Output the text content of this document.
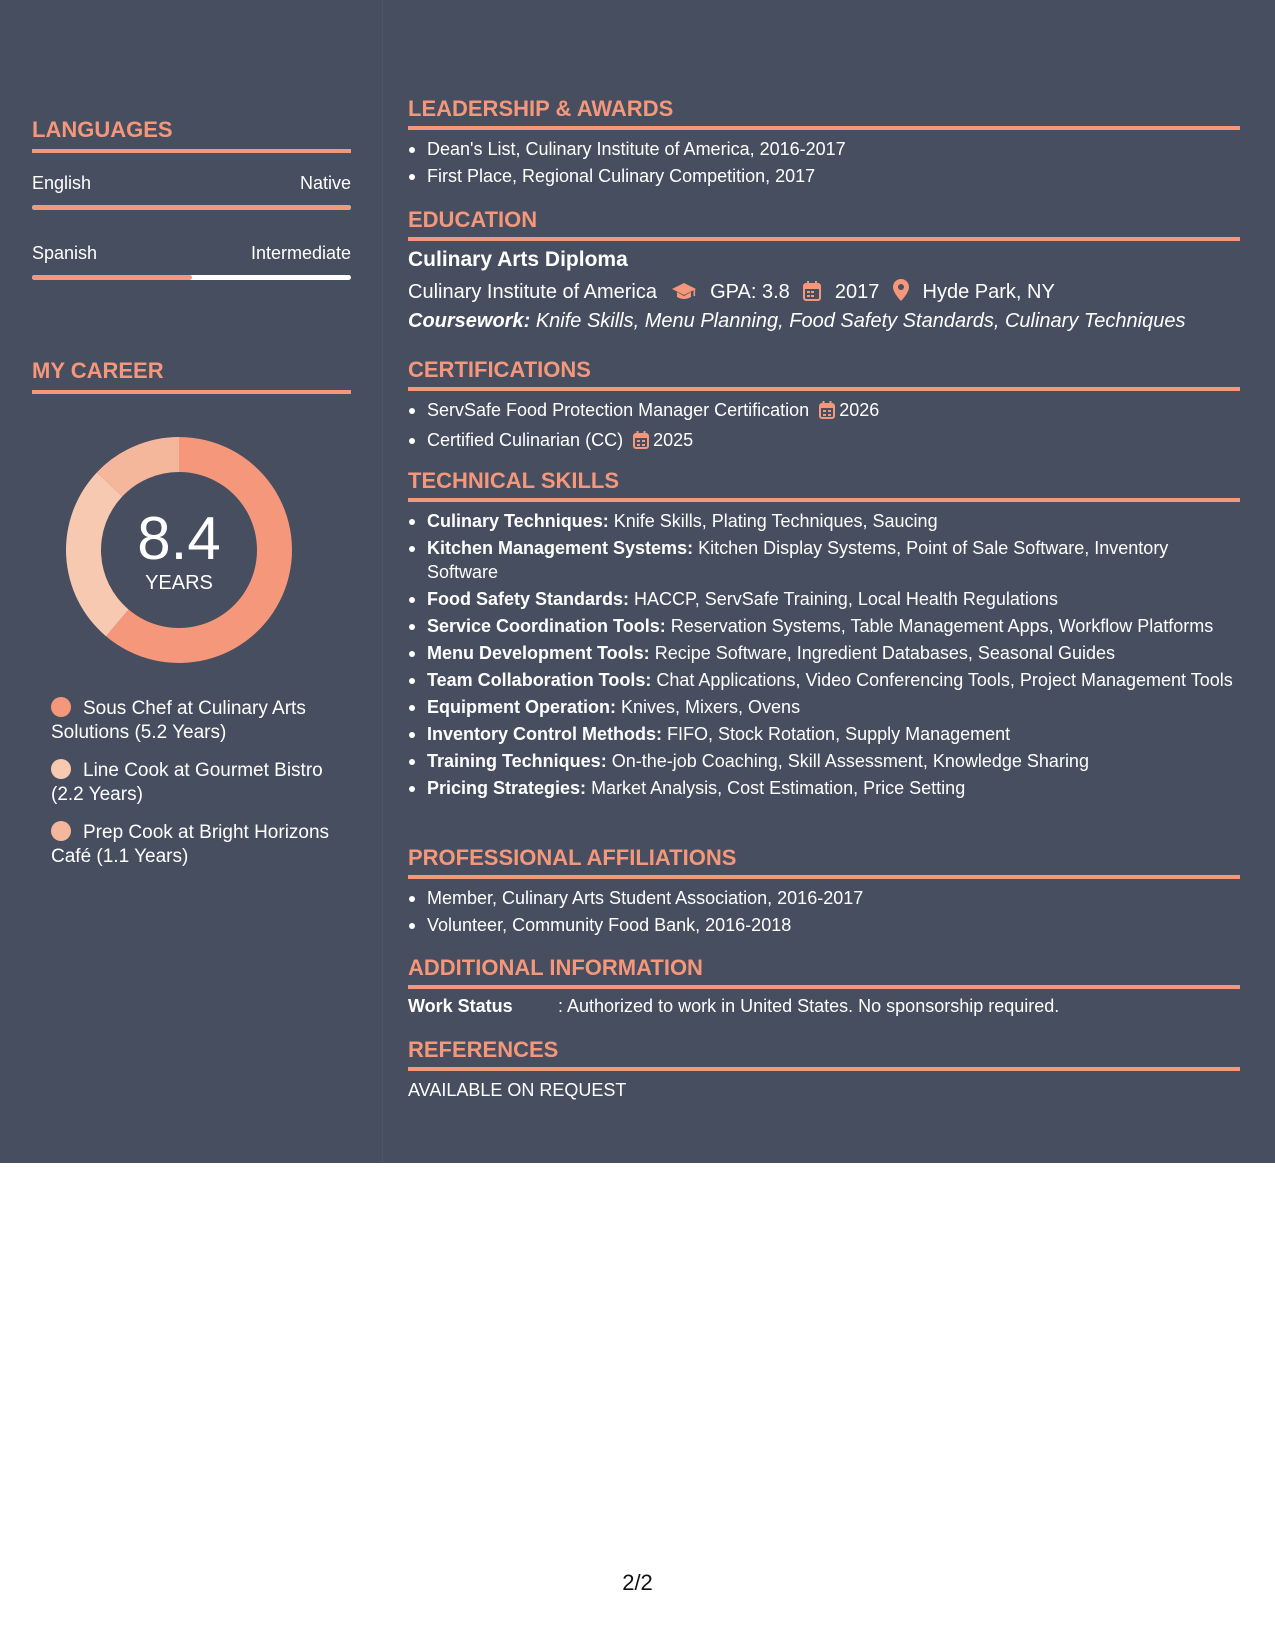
LANGUAGES
English	Native
Spanish	Intermediate
MY CAREER
8.4
YEARS
Sous Chef at Culinary Arts Solutions (5.2 Years)
Line Cook at Gourmet Bistro (2.2 Years)
Prep Cook at Bright Horizons Café (1.1 Years)
LEADERSHIP & AWARDS
Dean's List, Culinary Institute of America, 2016-2017
First Place, Regional Culinary Competition, 2017
EDUCATION
Culinary Arts Diploma
Culinary Institute of America	GPA: 3.8 2017 Hyde Park, NY
Coursework: Knife Skills, Menu Planning, Food Safety Standards, Culinary Techniques
CERTIFICATIONS
ServSafe Food Protection Manager Certification 2026
Certified Culinarian (CC) 2025
TECHNICAL SKILLS
Culinary Techniques: Knife Skills, Plating Techniques, Saucing
Kitchen Management Systems: Kitchen Display Systems, Point of Sale Software, Inventory Software
Food Safety Standards: HACCP, ServSafe Training, Local Health Regulations
Service Coordination Tools: Reservation Systems, Table Management Apps, Workflow Platforms
Menu Development Tools: Recipe Software, Ingredient Databases, Seasonal Guides
Team Collaboration Tools: Chat Applications, Video Conferencing Tools, Project Management Tools
Equipment Operation: Knives, Mixers, Ovens
Inventory Control Methods: FIFO, Stock Rotation, Supply Management
Training Techniques: On-the-job Coaching, Skill Assessment, Knowledge Sharing
Pricing Strategies: Market Analysis, Cost Estimation, Price Setting
PROFESSIONAL AFFILIATIONS
Member, Culinary Arts Student Association, 2016-2017
Volunteer, Community Food Bank, 2016-2018
ADDITIONAL INFORMATION
Work Status	: Authorized to work in United States. No sponsorship required.
REFERENCES
AVAILABLE ON REQUEST
2/2
